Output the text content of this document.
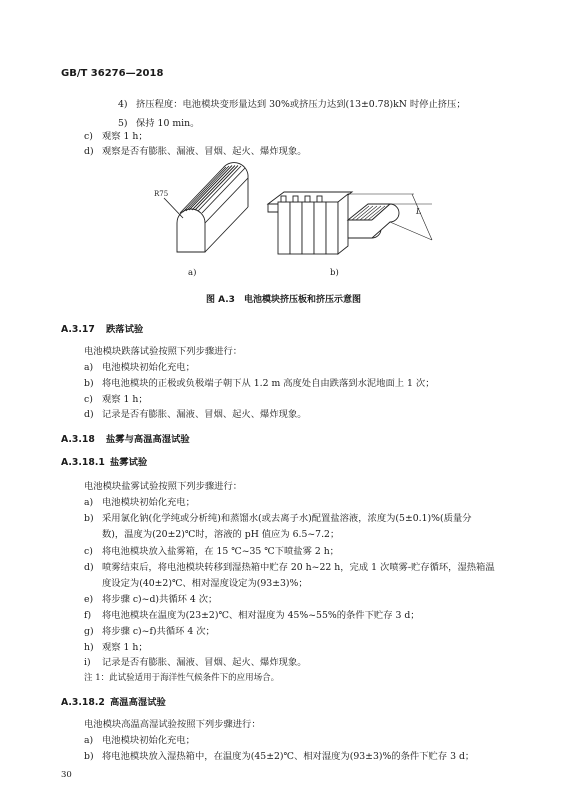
GB/T 36276—2018
4) 挤压程度：电池模块变形量达到 30%或挤压力达到(13±0.78)kN 时停止挤压；
5) 保持 10 min。
c) 观察 1 h；
d) 观察是否有膨胀、漏液、冒烟、起火、爆炸现象。
R75
L
a)	b)
图 A.3　电池模块挤压板和挤压示意图
A.3.17 跌落试验
电池模块跌落试验按照下列步骤进行：
a) 电池模块初始化充电；
b) 将电池模块的正极或负极端子朝下从 1.2 m 高度处自由跌落到水泥地面上 1 次；
c) 观察 1 h；
d) 记录是否有膨胀、漏液、冒烟、起火、爆炸现象。
A.3.18 盐雾与高温高湿试验
A.3.18.1 盐雾试验
电池模块盐雾试验按照下列步骤进行：
a) 电池模块初始化充电；
b) 采用氯化钠(化学纯或分析纯)和蒸馏水(或去离子水)配置盐溶液，浓度为(5±0.1)%(质量分
数)，温度为(20±2)℃时，溶液的 pH 值应为 6.5~7.2；
c) 将电池模块放入盐雾箱，在 15 ℃~35 ℃下喷盐雾 2 h；
d) 喷雾结束后，将电池模块转移到湿热箱中贮存 20 h~22 h，完成 1 次喷雾-贮存循环，湿热箱温
度设定为(40±2)℃、相对湿度设定为(93±3)%；
e) 将步骤 c)~d)共循环 4 次；
f) 将电池模块在温度为(23±2)℃、相对湿度为 45%~55%的条件下贮存 3 d；
g) 将步骤 c)~f)共循环 4 次；
h) 观察 1 h；
i) 记录是否有膨胀、漏液、冒烟、起火、爆炸现象。
注 1：此试验适用于海洋性气候条件下的应用场合。
A.3.18.2 高温高湿试验
电池模块高温高湿试验按照下列步骤进行：
a) 电池模块初始化充电；
b) 将电池模块放入湿热箱中，在温度为(45±2)℃、相对湿度为(93±3)%的条件下贮存 3 d；
30
